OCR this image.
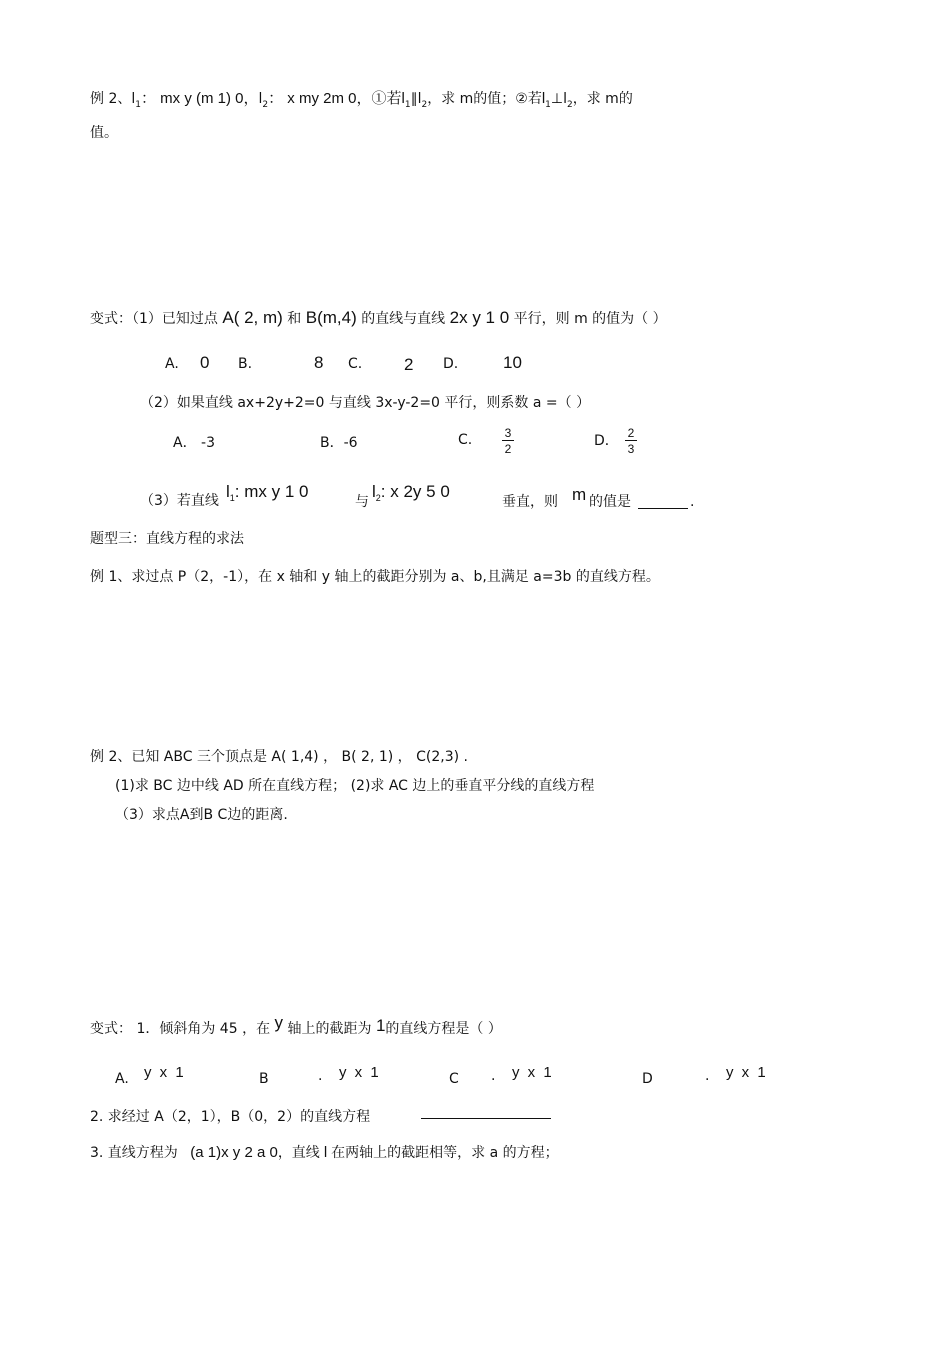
例 2、$l_1$： mx y (m 1) 0，$l_2$： x my 2m 0，①若$l_1\parallel l_2$，求 m的值；②若$l_1\perp l_2$，求 m的
值。
变式：（1）已知过点 A( 2, m) 和 B(m,4) 的直线与直线 2x y 1 0 平行，则 m 的值为（ ）
A. 0 B.	8 C. 2 D.	10
（2）如果直线 ax+2y+2=0 与直线 3x-y-2=0 平行，则系数 a =（ ）
A． -3	B．-6	C. $\frac{3}{2}$	D． $\frac{2}{3}$
（3）若直线 $l_1$: mx y 1 0
与
$l_2$: x 2y 5 0
垂直，则 m 的值是	.
题型三：直线方程的求法
例 1、求过点 P（2，-1），在 x 轴和 y 轴上的截距分别为 a、b,且满足 a=3b 的直线方程。
例 2、已知 ABC 三个顶点是 A( 1,4) ， B( 2, 1) ， C(2,3) .
(1)求 BC 边中线 AD 所在直线方程； (2)求 AC 边上的垂直平分线的直线方程
（3）求点A到B C边的距离.
变式： 1．倾斜角为 45 ，在 y 轴上的截距为 1的直线方程是（ ）
A. y x 1	B	. y x 1	C . y x 1	D	. y x 1
2. 求经过 A（2，1），B（0，2）的直线方程
3. 直线方程为 (a 1)x y 2 a 0，直线 l 在两轴上的截距相等，求 a 的方程；
